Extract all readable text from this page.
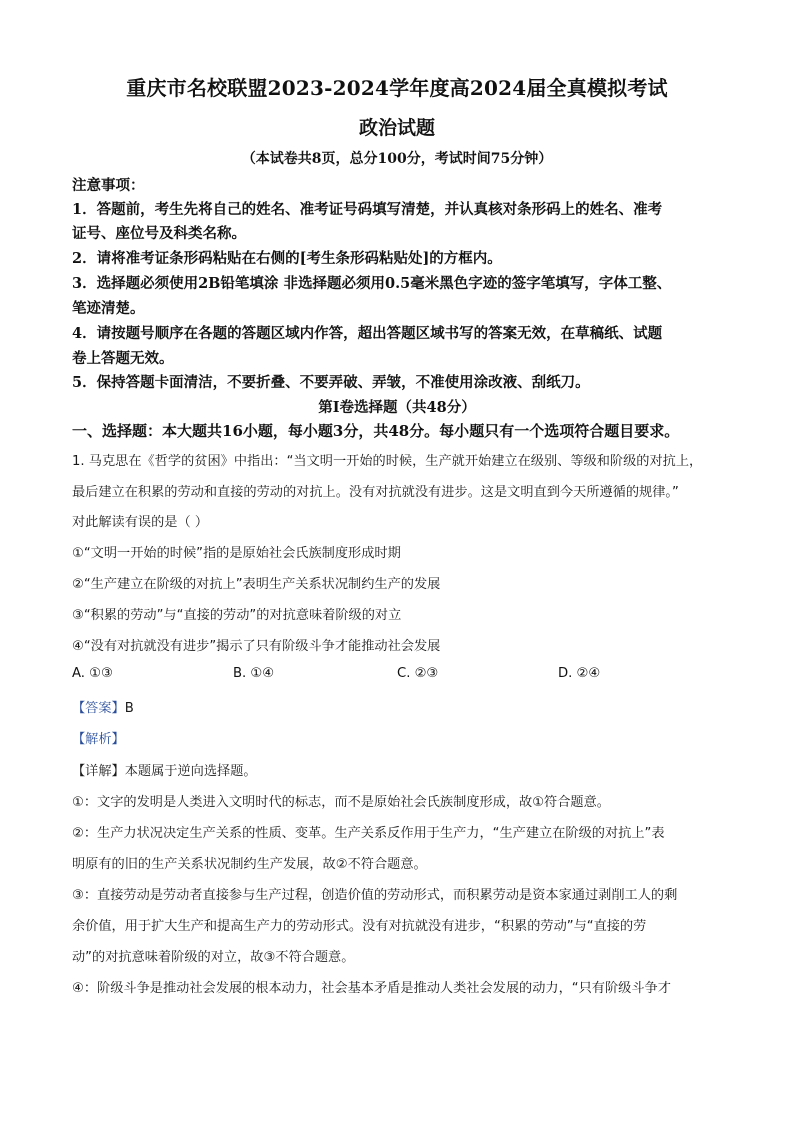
重庆市名校联盟2023-2024学年度高2024届全真模拟考试
政治试题
（本试卷共8页，总分100分，考试时间75分钟）
注意事项：
1．答题前，考生先将自己的姓名、准考证号码填写清楚，并认真核对条形码上的姓名、准考
证号、座位号及科类名称。
2．请将准考证条形码粘贴在右侧的[考生条形码粘贴处]的方框内。
3．选择题必须使用2B铅笔填涂 非选择题必须用0.5毫米黑色字迹的签字笔填写，字体工整、
笔迹清楚。
4．请按题号顺序在各题的答题区域内作答，超出答题区域书写的答案无效，在草稿纸、试题
卷上答题无效。
5．保持答题卡面清洁，不要折叠、不要弄破、弄皱，不准使用涂改液、刮纸刀。
第Ⅰ卷选择题（共48分）
一、选择题：本大题共16小题，每小题3分，共48分。每小题只有一个选项符合题目要求。
1. 马克思在《哲学的贫困》中指出：“当文明一开始的时候，生产就开始建立在级别、等级和阶级的对抗上，
最后建立在积累的劳动和直接的劳动的对抗上。没有对抗就没有进步。这是文明直到今天所遵循的规律。”
对此解读有误的是（ ）
①“文明一开始的时候”指的是原始社会氏族制度形成时期
②“生产建立在阶级的对抗上”表明生产关系状况制约生产的发展
③“积累的劳动”与“直接的劳动”的对抗意味着阶级的对立
④“没有对抗就没有进步”揭示了只有阶级斗争才能推动社会发展
A. ①③	B. ①④	C. ②③	D. ②④
【答案】B
【解析】
【详解】本题属于逆向选择题。
①：文字的发明是人类进入文明时代的标志，而不是原始社会氏族制度形成，故①符合题意。
②：生产力状况决定生产关系的性质、变革。生产关系反作用于生产力，“生产建立在阶级的对抗上”表
明原有的旧的生产关系状况制约生产发展，故②不符合题意。
③：直接劳动是劳动者直接参与生产过程，创造价值的劳动形式，而积累劳动是资本家通过剥削工人的剩
余价值，用于扩大生产和提高生产力的劳动形式。没有对抗就没有进步，“积累的劳动”与“直接的劳
动”的对抗意味着阶级的对立，故③不符合题意。
④：阶级斗争是推动社会发展的根本动力，社会基本矛盾是推动人类社会发展的动力，“只有阶级斗争才
